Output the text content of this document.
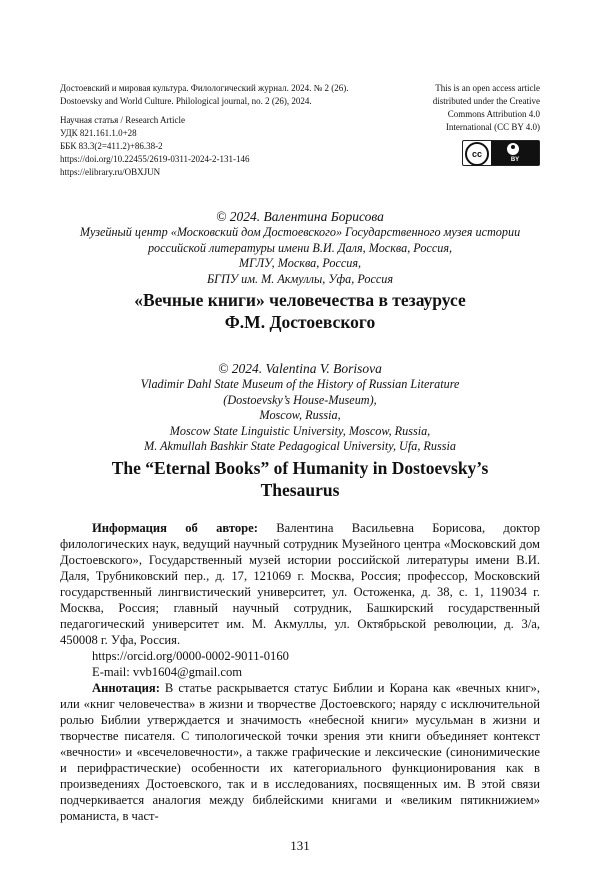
Достоевский и мировая культура. Филологический журнал. 2024. № 2 (26).
Dostoevsky and World Culture. Philological journal, no. 2 (26), 2024.
Научная статья / Research Article
УДК 821.161.1.0+28
ББК 83.3(2=411.2)+86.38-2
https://doi.org/10.22455/2619-0311-2024-2-131-146
https://elibrary.ru/OBXJUN
This is an open access article
distributed under the Creative
Commons Attribution 4.0
International (CC BY 4.0)
cc
BY
© 2024. Валентина Борисова
Музейный центр «Московский дом Достоевского» Государственного музея истории
российской литературы имени В.И. Даля, Москва, Россия,
МГЛУ, Москва, Россия,
БГПУ им. М. Акмуллы, Уфа, Россия
«Вечные книги» человечества в тезаурусе
Ф.М. Достоевского
© 2024. Valentina V. Borisova
Vladimir Dahl State Museum of the History of Russian Literature
(Dostoevsky’s House-Museum),
Moscow, Russia,
Moscow State Linguistic University, Moscow, Russia,
M. Akmullah Bashkir State Pedagogical University, Ufa, Russia
The “Eternal Books” of Humanity in Dostoevsky’s
Thesaurus

Информация об авторе: Валентина Васильевна Борисова, доктор филологических наук, ведущий научный сотрудник Музейного центра «Московский дом Достоевского», Государственный музей истории российской литературы имени В.И. Даля, Трубниковский пер., д. 17, 121069 г. Москва, Россия; профессор, Московский государственный лингвистический университет, ул. Остоженка, д. 38, с. 1, 119034 г. Москва, Россия; главный научный сотрудник, Башкирский государственный педагогический университет им. М. Акмуллы, ул. Октябрьской революции, д. 3/а, 450008 г. Уфа, Россия.

https://orcid.org/0000-0002-9011-0160

E-mail: vvb1604@gmail.com

Аннотация: В статье раскрывается статус Библии и Корана как «вечных книг», или «книг человечества» в жизни и творчестве Достоевского; наряду с исключительной ролью Библии утверждается и значимость «небесной книги» мусульман в жизни и творчестве писателя. С типологической точки зрения эти книги объединяет контекст «вечности» и «всечеловечности», а также графические и лексические (синонимические и перифрастические) особенности их категориального функционирования как в произведениях Достоевского, так и в исследованиях, посвященных им. В этой связи подчеркивается аналогия между библейскими книгами и «великим пятикнижием» романиста, в част-

131
